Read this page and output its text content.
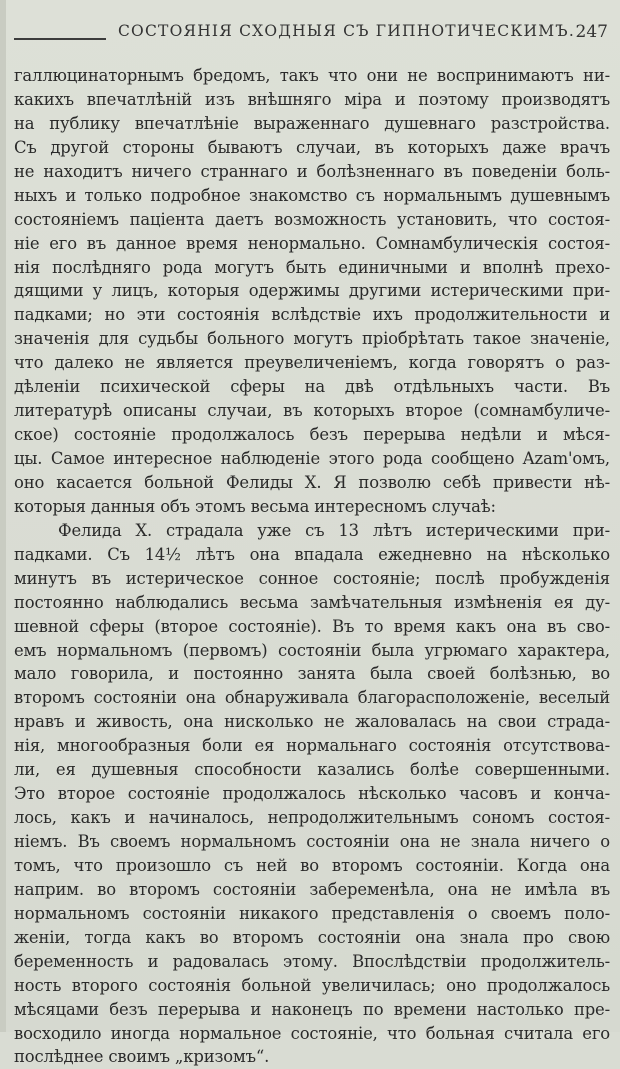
СОСТОЯНІЯ СХОДНЫЯ СЪ ГИПНОТИЧЕСКИМЪ. 247
галлюцинаторнымъ бредомъ, такъ что они не воспринимаютъ ни-
какихъ впечатлѣній изъ внѣшняго міра и поэтому производятъ
на публику впечатлѣніе выраженнаго душевнаго разстройства.
Съ другой стороны бываютъ случаи, въ которыхъ даже врачъ
не находитъ ничего страннаго и болѣзненнаго въ поведеніи боль-
ныхъ и только подробное знакомство съ нормальнымъ душевнымъ
состояніемъ паціента даетъ возможность установить, что состоя-
ніе его въ данное время ненормально. Сомнамбулическія состоя-
нія послѣдняго рода могутъ быть единичными и вполнѣ прехо-
дящими у лицъ, которыя одержимы другими истерическими при-
падками; но эти состоянія вслѣдствіе ихъ продолжительности и
значенія для судьбы больного могутъ пріобрѣтать такое значеніе,
что далеко не является преувеличеніемъ, когда говорятъ о раз-
дѣленіи психической сферы на двѣ отдѣльныхъ части. Въ
литературѣ описаны случаи, въ которыхъ второе (сомнамбуличе-
ское) состояніе продолжалось безъ перерыва недѣли и мѣся-
цы. Самое интересное наблюденіе этого рода сообщено Azam'омъ,
оно касается больной Фелиды X. Я позволю себѣ привести нѣ-
которыя данныя объ этомъ весьма интересномъ случаѣ:
Фелида X. страдала уже съ 13 лѣтъ истерическими при-
падками. Съ 14½ лѣтъ она впадала ежедневно на нѣсколько
минутъ въ истерическое сонное состояніе; послѣ пробужденія
постоянно наблюдались весьма замѣчательныя измѣненія ея ду-
шевной сферы (второе состояніе). Въ то время какъ она въ сво-
емъ нормальномъ (первомъ) состояніи была угрюмаго характера,
мало говорила, и постоянно занята была своей болѣзнью, во
второмъ состояніи она обнаруживала благорасположеніе, веселый
нравъ и живость, она нисколько не жаловалась на свои страда-
нія, многообразныя боли ея нормальнаго состоянія отсутствова-
ли, ея душевныя способности казались болѣе совершенными.
Это второе состояніе продолжалось нѣсколько часовъ и конча-
лось, какъ и начиналось, непродолжительнымъ сономъ состоя-
ніемъ. Въ своемъ нормальномъ состояніи она не знала ничего о
томъ, что произошло съ ней во второмъ состояніи. Когда она
наприм. во второмъ состояніи забеременѣла, она не имѣла въ
нормальномъ состояніи никакого представленія о своемъ поло-
женіи, тогда какъ во второмъ состояніи она знала про свою
беременность и радовалась этому. Впослѣдствіи продолжитель-
ность второго состоянія больной увеличилась; оно продолжалось
мѣсяцами безъ перерыва и наконецъ по времени настолько пре-
восходило иногда нормальное состояніе, что больная считала его
послѣднее своимъ „кризомъ“.
